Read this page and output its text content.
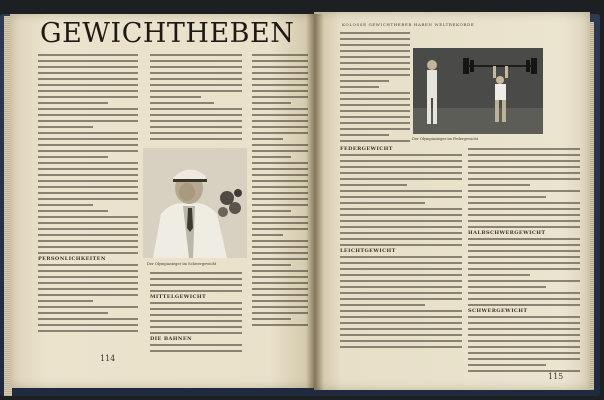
GEWICHTHEBEN
PERSÖNLICHKEITEN
Der Olympiasieger im Schwergewicht
MITTELGEWICHT
DIE BAHNEN
114
KOLOSSE GEWICHTHEBER HABEN WELTREKORDE
Der Olympiasieger im Federgewicht
FEDERGEWICHT
LEICHTGEWICHT
HALBSCHWERGEWICHT
SCHWERGEWICHT
115
